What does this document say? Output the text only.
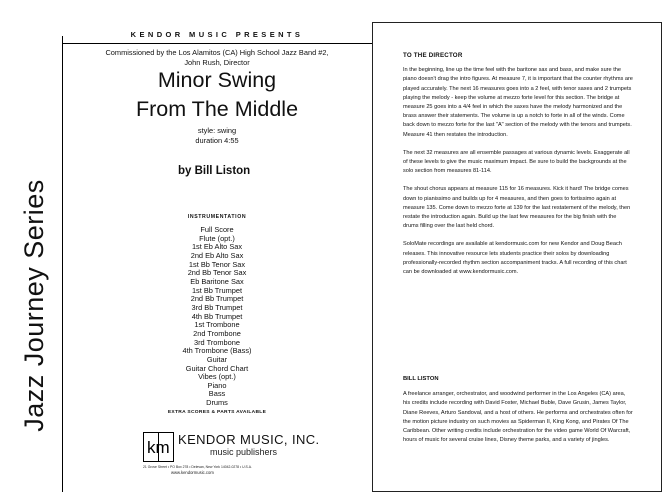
Jazz Journey Series
KENDOR MUSIC PRESENTS
Commissioned by the Los Alamitos (CA) High School Jazz Band #2,
John Rush, Director
Minor Swing
From The Middle
style: swing
duration 4:55
by Bill Liston
INSTRUMENTATION
Full Score
Flute (opt.)
1st Eb Alto Sax
2nd Eb Alto Sax
1st Bb Tenor Sax
2nd Bb Tenor Sax
Eb Baritone Sax
1st Bb Trumpet
2nd Bb Trumpet
3rd Bb Trumpet
4th Bb Trumpet
1st Trombone
2nd Trombone
3rd Trombone
4th Trombone (Bass)
Guitar
Guitar Chord Chart
Vibes (opt.)
Piano
Bass
Drums
EXTRA SCORES & PARTS AVAILABLE
km KENDOR MUSIC, INC.
music publishers
21 Grove Street • PO Box 278 • Delevan, New York 14042-0278 • U.S.A.
www.kendormusic.com
TO THE DIRECTOR

In the beginning, line up the time feel with the baritone sax and bass, and make sure the piano doesn't drag the intro figures. At measure 7, it is important that the counter rhythms are played accurately. The next 16 measures goes into a 2 feel, with tenor saxes and 2 trumpets playing the melody - keep the volume at mezzo forte level for this section. The bridge at measure 25 goes into a 4/4 feel in which the saxes have the melody harmonized and the brass answer their statements. The volume is up a notch to forte in all of the winds. Come back down to mezzo forte for the last "A" section of the melody with the tenors and trumpets. Measure 41 then restates the introduction.

The next 32 measures are all ensemble passages at various dynamic levels. Exaggerate all of these levels to give the music maximum impact. Be sure to build the backgrounds at the solo section from measures 81-114.

The shout chorus appears at measure 115 for 16 measures. Kick it hard! The bridge comes down to pianissimo and builds up for 4 measures, and then goes to fortissimo again at measure 135. Come down to mezzo forte at 139 for the last restatement of the melody, then restate the introduction again. Build up the last few measures for the big finish with the drums filling over the last held chord.

SoloMate recordings are available at kendormusic.com for new Kendor and Doug Beach releases. This innovative resource lets students practice their solos by downloading professionally-recorded rhythm section accompaniment tracks. A full recording of this chart can be downloaded at www.kendormusic.com.

BILL LISTON

A freelance arranger, orchestrator, and woodwind performer in the Los Angeles (CA) area, his credits include recording with David Foster, Michael Buble, Dave Grusin, James Taylor, Diane Reeves, Arturo Sandoval, and a host of others. He performs and orchestrates often for the motion picture industry on such movies as Spiderman II, King Kong, and Pirates Of The Caribbean. Other writing credits include orchestration for the video game World Of Warcraft, hours of music for several cruise lines, Disney theme parks, and a variety of jingles.
